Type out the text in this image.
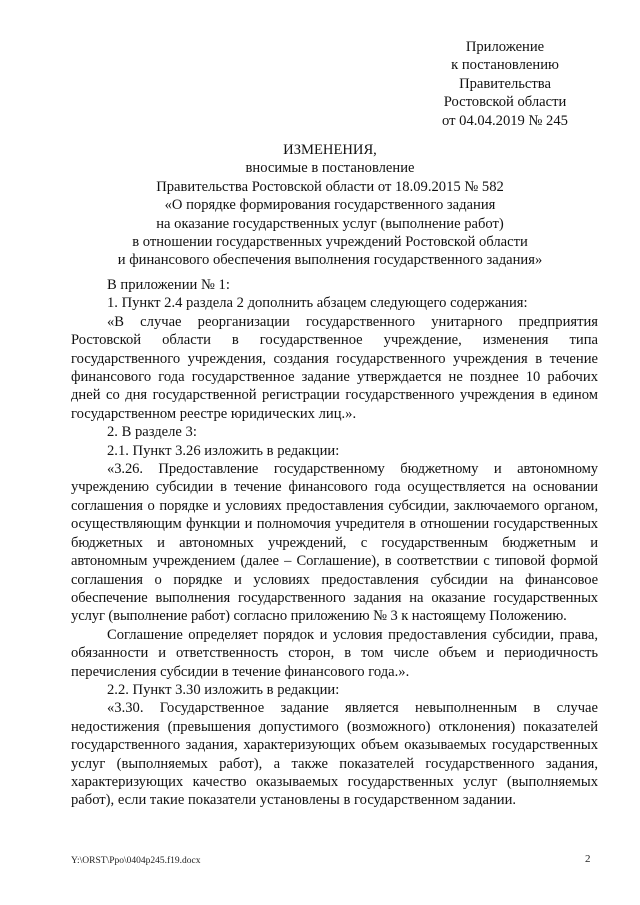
Приложение
к постановлению
Правительства
Ростовской области
от 04.04.2019 № 245
ИЗМЕНЕНИЯ,
вносимые в постановление
Правительства Ростовской области от 18.09.2015 № 582
«О порядке формирования государственного задания
на оказание государственных услуг (выполнение работ)
в отношении государственных учреждений Ростовской области
и финансового обеспечения выполнения государственного задания»

В приложении № 1:

1. Пункт 2.4 раздела 2 дополнить абзацем следующего содержания:

«В случае реорганизации государственного унитарного предприятия Ростовской области в государственное учреждение, изменения типа государственного учреждения, создания государственного учреждения в течение финансового года государственное задание утверждается не позднее 10 рабочих дней со дня государственной регистрации государственного учреждения в едином государственном реестре юридических лиц.».

2. В разделе 3:

2.1. Пункт 3.26 изложить в редакции:

«3.26. Предоставление государственному бюджетному и автономному учреждению субсидии в течение финансового года осуществляется на основании соглашения о порядке и условиях предоставления субсидии, заключаемого органом, осуществляющим функции и полномочия учредителя в отношении государственных бюджетных и автономных учреждений, с государственным бюджетным и автономным учреждением (далее – Соглашение), в соответствии с типовой формой соглашения о порядке и условиях предоставления субсидии на финансовое обеспечение выполнения государственного задания на оказание государственных услуг (выполнение работ) согласно приложению № 3 к настоящему Положению.

Соглашение определяет порядок и условия предоставления субсидии, права, обязанности и ответственность сторон, в том числе объем и периодичность перечисления субсидии в течение финансового года.».

2.2. Пункт 3.30 изложить в редакции:

«3.30. Государственное задание является невыполненным в случае недостижения (превышения допустимого (возможного) отклонения) показателей государственного задания, характеризующих объем оказываемых государственных услуг (выполняемых работ), а также показателей государственного задания, характеризующих качество оказываемых государственных услуг (выполняемых работ), если такие показатели установлены в государственном задании.

Y:\ORST\Ppo\0404p245.f19.docx	2
